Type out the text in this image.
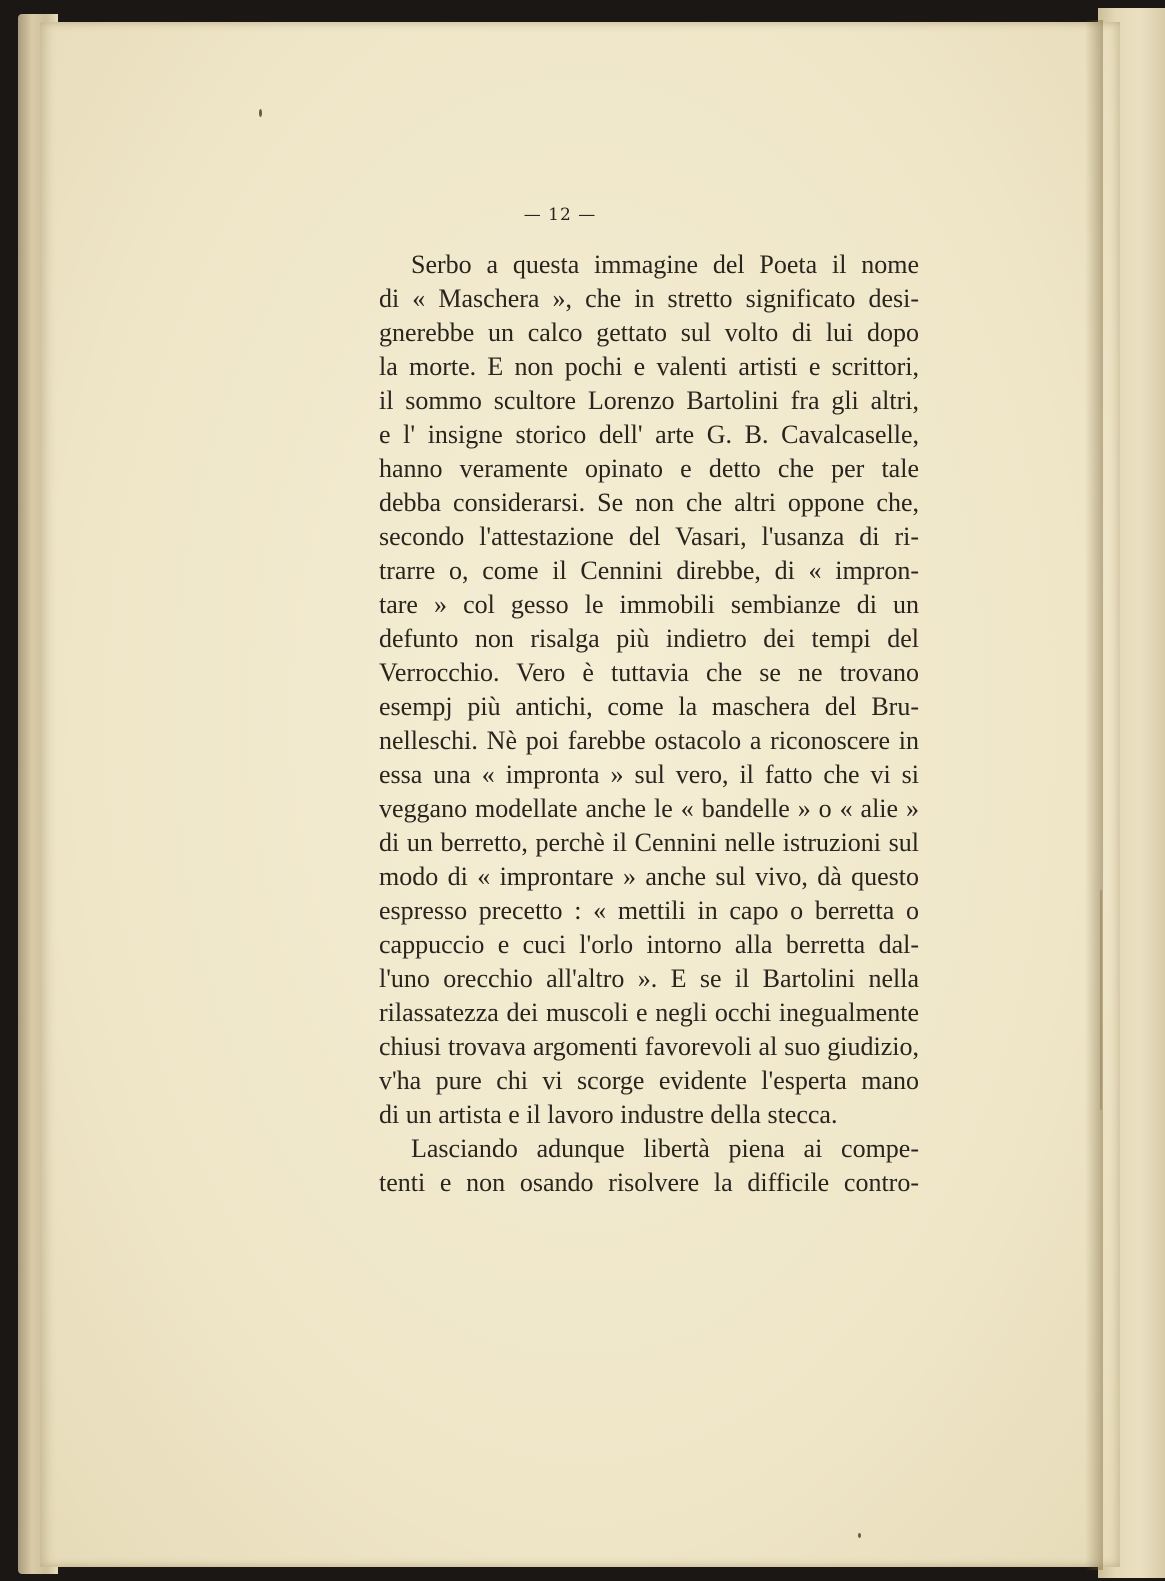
— 12 —
Serbo a questa immagine del Poeta il nome
di « Maschera », che in stretto significato desi-
gnerebbe un calco gettato sul volto di lui dopo
la morte. E non pochi e valenti artisti e scrittori,
il sommo scultore Lorenzo Bartolini fra gli altri,
e l' insigne storico dell' arte G. B. Cavalcaselle,
hanno veramente opinato e detto che per tale
debba considerarsi. Se non che altri oppone che,
secondo l'attestazione del Vasari, l'usanza di ri-
trarre o, come il Cennini direbbe, di « impron-
tare » col gesso le immobili sembianze di un
defunto non risalga più indietro dei tempi del
Verrocchio. Vero è tuttavia che se ne trovano
esempj più antichi, come la maschera del Bru-
nelleschi. Nè poi farebbe ostacolo a riconoscere in
essa una « impronta » sul vero, il fatto che vi si
veggano modellate anche le « bandelle » o « alie »
di un berretto, perchè il Cennini nelle istruzioni sul
modo di « improntare » anche sul vivo, dà questo
espresso precetto : « mettili in capo o berretta o
cappuccio e cuci l'orlo intorno alla berretta dal-
l'uno orecchio all'altro ». E se il Bartolini nella
rilassatezza dei muscoli e negli occhi inegualmente
chiusi trovava argomenti favorevoli al suo giudizio,
v'ha pure chi vi scorge evidente l'esperta mano
di un artista e il lavoro industre della stecca.
Lasciando adunque libertà piena ai compe-
tenti e non osando risolvere la difficile contro-
